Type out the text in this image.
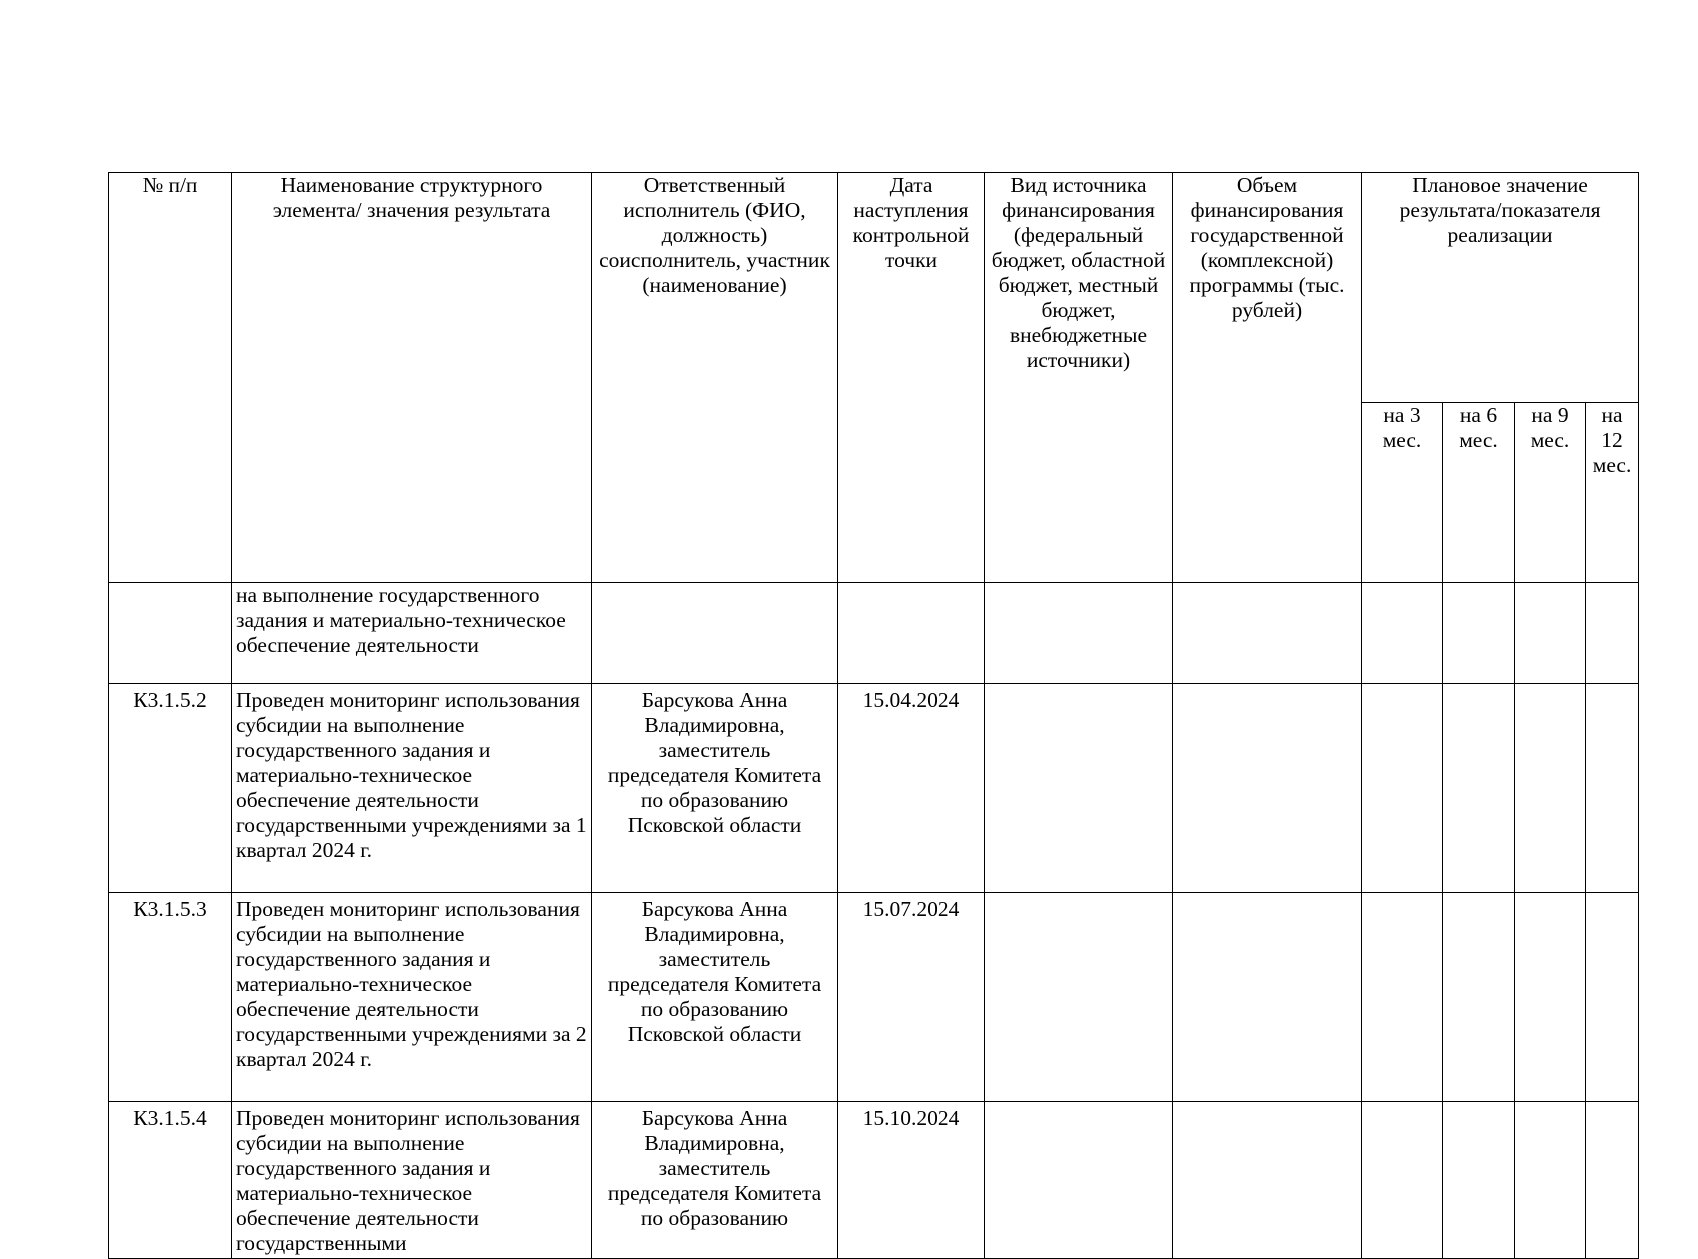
№ п/п	Наименование структурного элемента/ значения результата	Ответственный исполнитель (ФИО, должность) соисполнитель, участник (наименование)	Дата наступления контрольной точки	Вид источника финансирования (федеральный бюджет, областной бюджет, местный бюджет, внебюджетные источники)	Объем финансирования государственной (комплексной) программы (тыс. рублей)	Плановое значение результата/показателя реализации			
						на 3 мес.	на 6 мес.	на 9 мес.	на 12 мес.
	на выполнение государственного задания и материально-техническое обеспечение деятельности								
К3.1.5.2	Проведен мониторинг использования субсидии на выполнение государственного задания и материально-техническое обеспечение деятельности государственными учреждениями за 1 квартал 2024 г.	Барсукова Анна Владимировна, заместитель председателя Комитета по образованию Псковской области	15.04.2024						
К3.1.5.3	Проведен мониторинг использования субсидии на выполнение государственного задания и материально-техническое обеспечение деятельности государственными учреждениями за 2 квартал 2024 г.	Барсукова Анна Владимировна, заместитель председателя Комитета по образованию Псковской области	15.07.2024						
К3.1.5.4	Проведен мониторинг использования субсидии на выполнение государственного задания и материально-техническое обеспечение деятельности государственными	Барсукова Анна Владимировна, заместитель председателя Комитета по образованию	15.10.2024						
